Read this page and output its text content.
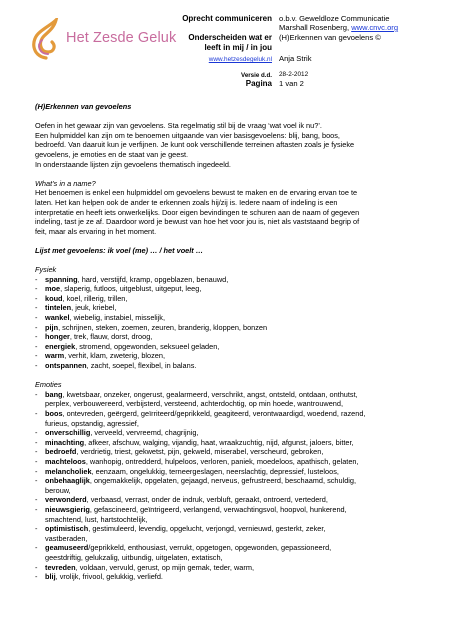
Het Zesde Geluk
Oprecht communiceren
Onderscheiden wat er
leeft in mij / in jou
www.hetzesdegeluk.nl
Versie d.d.
Pagina
o.b.v. Geweldloze Communicatie
Marshall Rosenberg, www.cnvc.org
(H)Erkennen van gevoelens ©
Anja Strik
28-2-2012
1 van 2

(H)Erkennen van gevoelens

Oefen in het gewaar zijn van gevoelens. Sta regelmatig stil bij de vraag ‘wat voel ik nu?’.

Een hulpmiddel kan zijn om te benoemen uitgaande van vier basisgevoelens: blij, bang, boos,

bedroefd. Van daaruit kun je verfijnen. Je kunt ook verschillende terreinen aftasten zoals je fysieke

gevoelens, je emoties en de staat van je geest.

In onderstaande lijsten zijn gevoelens thematisch ingedeeld.

What’s in a name?

Het benoemen is enkel een hulpmiddel om gevoelens bewust te maken en de ervaring ervan toe te

laten. Het kan helpen ook de ander te erkennen zoals hij/zij is. Iedere naam of indeling is een

interpretatie en heeft iets onwerkelijks. Door eigen bevindingen te schuren aan de naam of gegeven

indeling, tast je ze af. Daardoor word je bewust van hoe het voor jou is, niet als vaststaand begrip of

feit, maar als ervaring in het moment.

Lijst met gevoelens: ik voel (me) … / het voelt …

Fysiek

-	spanning, hard, verstijfd, kramp, opgeblazen, benauwd,
-	moe, slaperig, futloos, uitgeblust, uitgeput, leeg,
-	koud, koel, rillerig, trillen,
-	tintelen, jeuk, kriebel,
-	wankel, wiebelig, instabiel, misselijk,
-	pijn, schrijnen, steken, zoemen, zeuren, branderig, kloppen, bonzen
-	honger, trek, flauw, dorst, droog,
-	energiek, stromend, opgewonden, seksueel geladen,
-	warm, verhit, klam, zweterig, blozen,
-	ontspannen, zacht, soepel, flexibel, in balans.

Emoties

-	bang, kwetsbaar, onzeker, ongerust, gealarmeerd, verschrikt, angst, ontsteld, ontdaan, onthutst,
perplex, verbouwereerd, verbijsterd, versteend, achterdochtig, op min hoede, wantrouwend,
-	boos, ontevreden, geërgerd, geïrriteerd/geprikkeld, geagiteerd, verontwaardigd, woedend, razend,
furieus, opstandig, agressief,
-	onverschillig, verveeld, vervreemd, chagrijnig,
-	minachting, afkeer, afschuw, walging, vijandig, haat, wraakzuchtig, nijd, afgunst, jaloers, bitter,
-	bedroefd, verdrietig, triest, gekwetst, pijn, gekweld, miserabel, verscheurd, gebroken,
-	machteloos, wanhopig, ontredderd, hulpeloos, verloren, paniek, moedeloos, apathisch, gelaten,
-	melancholiek, eenzaam, ongelukkig, terneergeslagen, neerslachtig, depressief, lusteloos,
-	onbehaaglijk, ongemakkelijk, opgelaten, gejaagd, nerveus, gefrustreerd, beschaamd, schuldig,
berouw,
-	verwonderd, verbaasd, verrast, onder de indruk, verbluft, geraakt, ontroerd, vertederd,
-	nieuwsgierig, gefascineerd, geïntrigeerd, verlangend, verwachtingsvol, hoopvol, hunkerend,
smachtend, lust, hartstochtelijk,
-	optimistisch, gestimuleerd, levendig, opgelucht, verjongd, vernieuwd, gesterkt, zeker,
vastberaden,
-	geamuseerd/geprikkeld, enthousiast, verrukt, opgetogen, opgewonden, gepassioneerd,
geestdriftig, gelukzalig, uitbundig, uitgelaten, extatisch,
-	tevreden, voldaan, vervuld, gerust, op mijn gemak, teder, warm,
-	blij, vrolijk, frivool, gelukkig, verliefd.
